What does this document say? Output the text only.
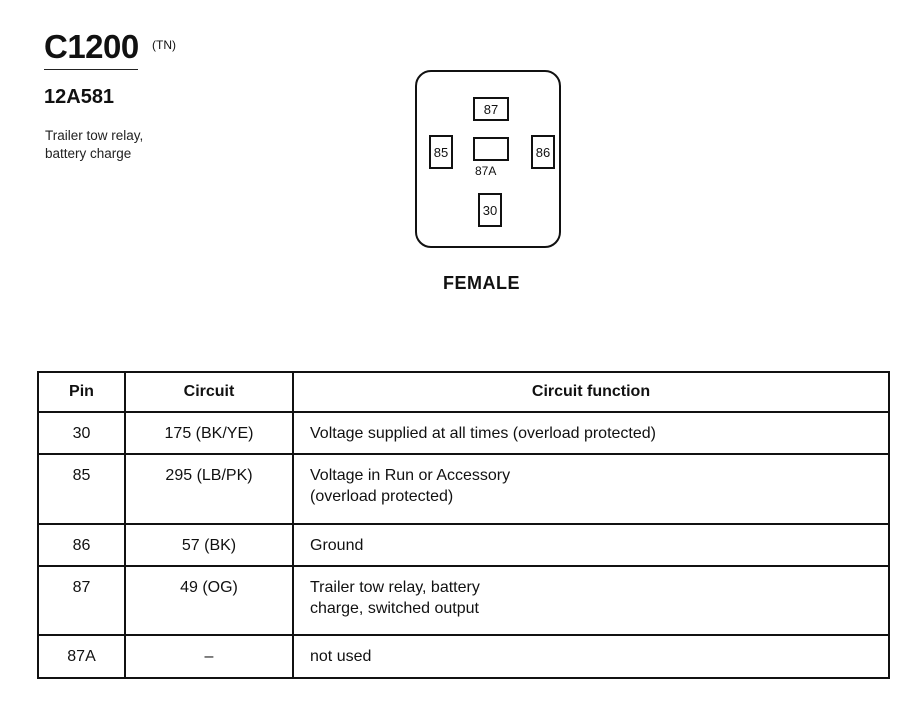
C1200 (TN)
12A581
Trailer tow relay, battery charge
87
85	86
87A
30
FEMALE
Pin	Circuit	Circuit function
30	175 (BK/YE)	Voltage supplied at all times (overload protected)

85	295 (LB/PK)	Voltage in Run or Accessory
(overload protected)

86	57 (BK)	Ground

87	49 (OG)	Trailer tow relay, battery
charge, switched output

87A	–	not used
